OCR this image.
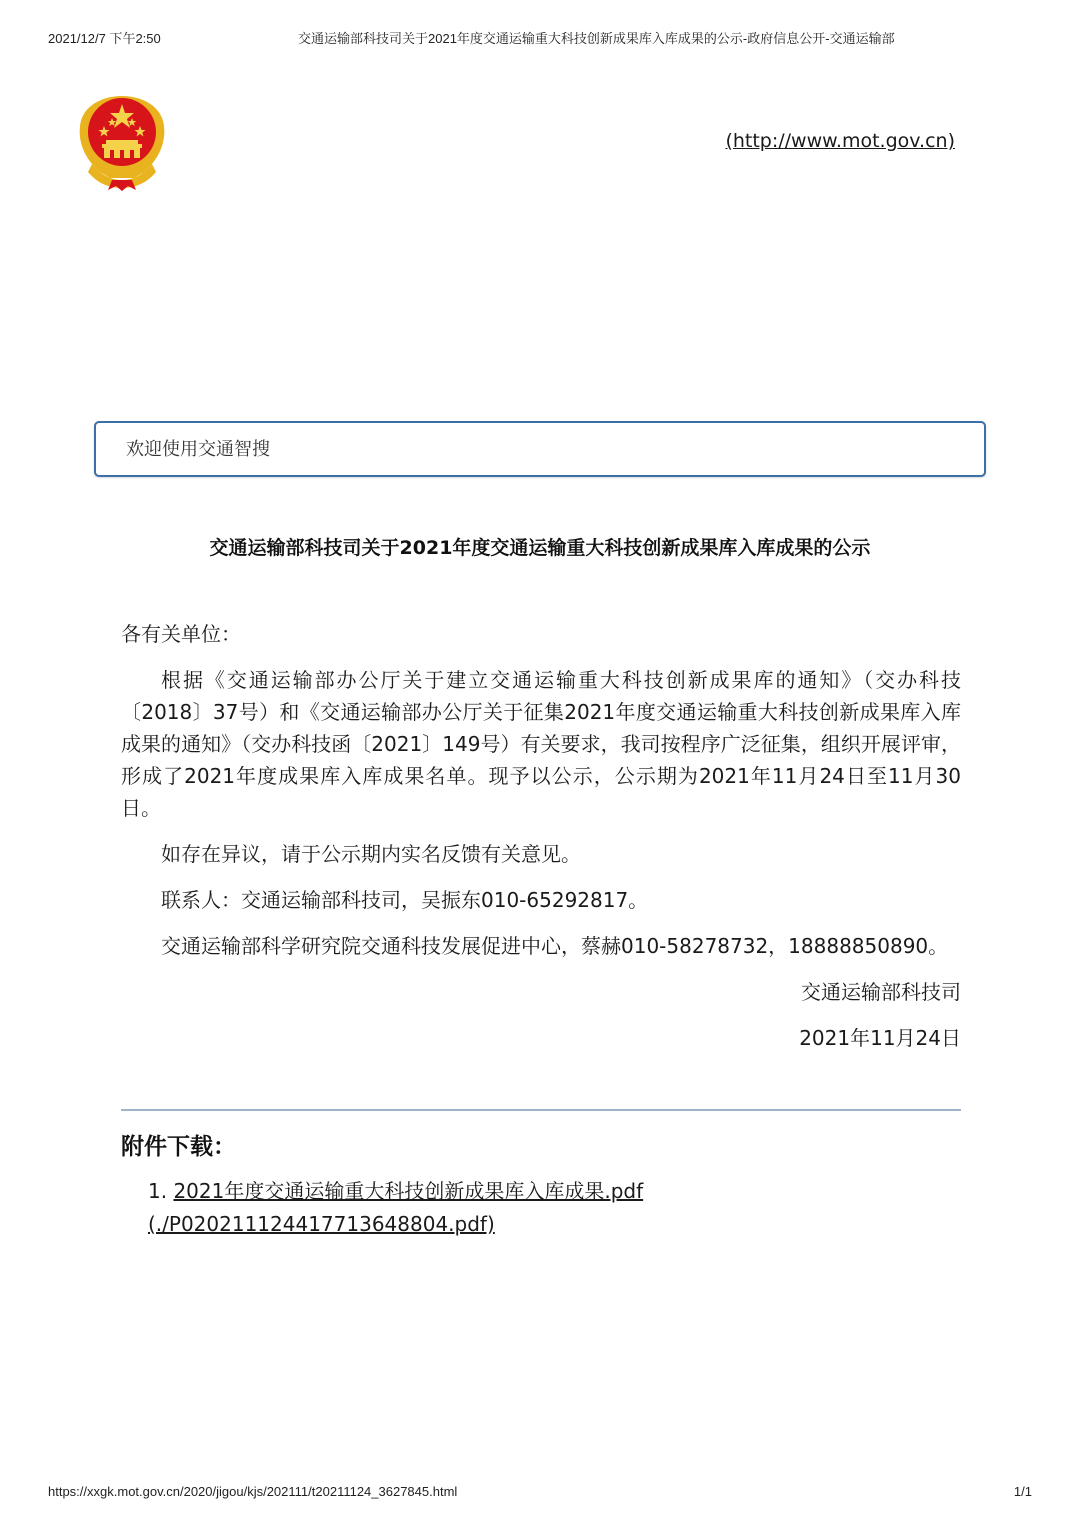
2021/12/7 下午2:50	交通运输部科技司关于2021年度交通运输重大科技创新成果库入库成果的公示-政府信息公开-交通运输部
(http://www.mot.gov.cn)
欢迎使用交通智搜
交通运输部科技司关于2021年度交通运输重大科技创新成果库入库成果的公示

各有关单位：

根据《交通运输部办公厅关于建立交通运输重大科技创新成果库的通知》（交办科技〔2018〕37号）和《交通运输部办公厅关于征集2021年度交通运输重大科技创新成果库入库成果的通知》（交办科技函〔2021〕149号）有关要求，我司按程序广泛征集，组织开展评审，形成了2021年度成果库入库成果名单。现予以公示，公示期为2021年11月24日至11月30日。

如存在异议，请于公示期内实名反馈有关意见。

联系人：交通运输部科技司，吴振东010-65292817。

交通运输部科学研究院交通科技发展促进中心，蔡赫010-58278732，18888850890。

交通运输部科技司

2021年11月24日

附件下载：
1. 2021年度交通运输重大科技创新成果库入库成果.pdf
(./P020211124417713648804.pdf)
https://xxgk.mot.gov.cn/2020/jigou/kjs/202111/t20211124_3627845.html	1/1
